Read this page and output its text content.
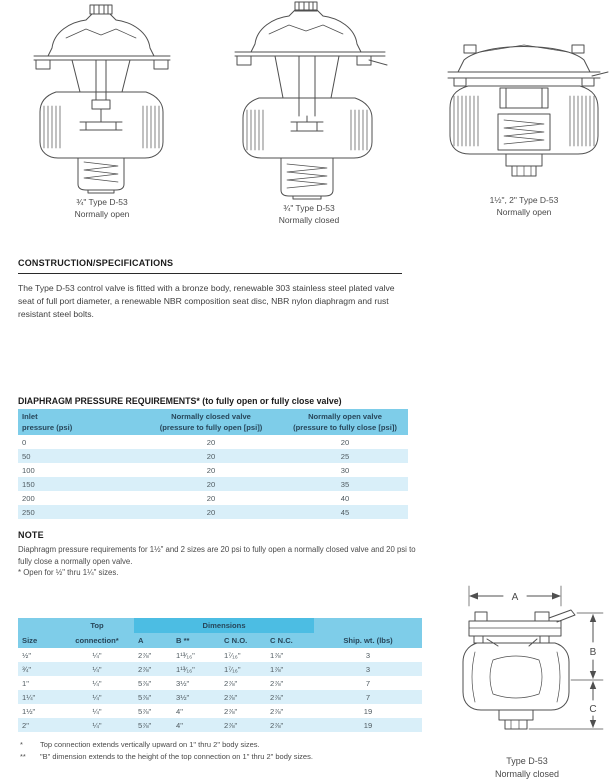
¾" Type D-53
Normally open
¾" Type D-53
Normally closed
1½", 2" Type D-53
Normally open
CONSTRUCTION/SPECIFICATIONS

The Type D-53 control valve is fitted with a bronze body, renewable 303 stainless steel plated valve seat of full port diameter, a renewable NBR composition seat disc, NBR nylon diaphragm and rust resistant steel bolts.

DIAPHRAGM PRESSURE REQUIREMENTS* (to fully open or fully close valve)
Inlet
pressure (psi)

Normally closed valve
(pressure to fully open [psi])

Normally open valve
(pressure to fully close [psi])

0	20	20
50	20	25
100	20	30
150	20	35
200	20	40
250	20	45
NOTE

Diaphragm pressure requirements for 1½" and 2 sizes are 20 psi to fully open a normally closed valve and 20 psi to fully close a normally open valve.

* Open for ½" thru 1¼" sizes.

	Top	Dimensions				
Size	connection*	A	B **	C N.O.	C N.C.	Ship. wt. (lbs)
½"	¼"	2⅞"	1¹³⁄₁₆"	1⁷⁄₁₆"	1⅞"	3
¾"	¼"	2⅞"	1¹³⁄₁₆"	1⁷⁄₁₆"	1⅞"	3
1"	¼"	5⅞"	3½"	2⅞"	2⅞"	7
1¼"	¼"	5⅞"	3½"	2⅞"	2⅞"	7
1½"	¼"	5⅞"	4"	2⅞"	2⅞"	19
2"	¼"	5⅞"	4"	2⅞"	2⅞"	19
*	Top connection extends vertically upward on 1" thru 2" body sizes.
**	"B" dimension extends to the height of the top connection on 1" thru 2" body sizes.
A
B
C
Type D-53
Normally closed
